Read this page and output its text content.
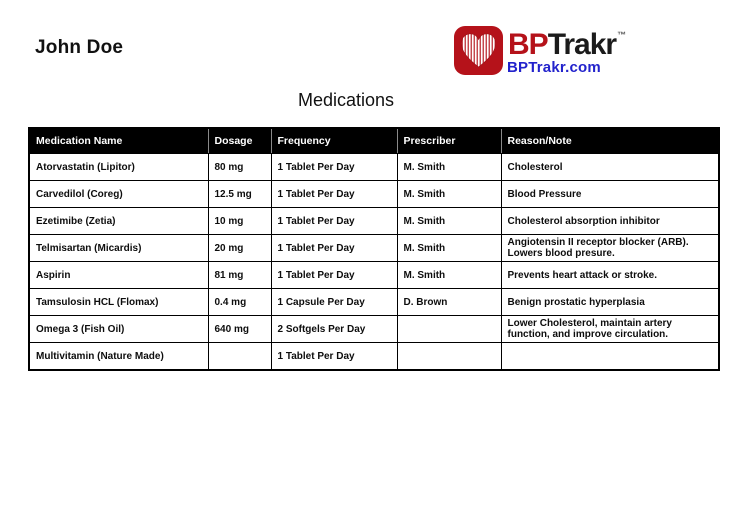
John Doe	BPTrakr™
BPTrakr.com
Medications
Medication Name	Dosage	Frequency	Prescriber	Reason/Note
Atorvastatin (Lipitor)	80 mg	1 Tablet Per Day	M. Smith	Cholesterol
Carvedilol (Coreg)	12.5 mg	1 Tablet Per Day	M. Smith	Blood Pressure
Ezetimibe (Zetia)	10 mg	1 Tablet Per Day	M. Smith	Cholesterol absorption inhibitor
Telmisartan (Micardis)	20 mg	1 Tablet Per Day	M. Smith	Angiotensin II receptor blocker (ARB). Lowers blood presure.
Aspirin	81 mg	1 Tablet Per Day	M. Smith	Prevents heart attack or stroke.
Tamsulosin HCL (Flomax)	0.4 mg	1 Capsule Per Day	D. Brown	Benign prostatic hyperplasia
Omega 3 (Fish Oil)	640 mg	2 Softgels Per Day		Lower Cholesterol, maintain artery function, and improve circulation.
Multivitamin (Nature Made)		1 Tablet Per Day		
